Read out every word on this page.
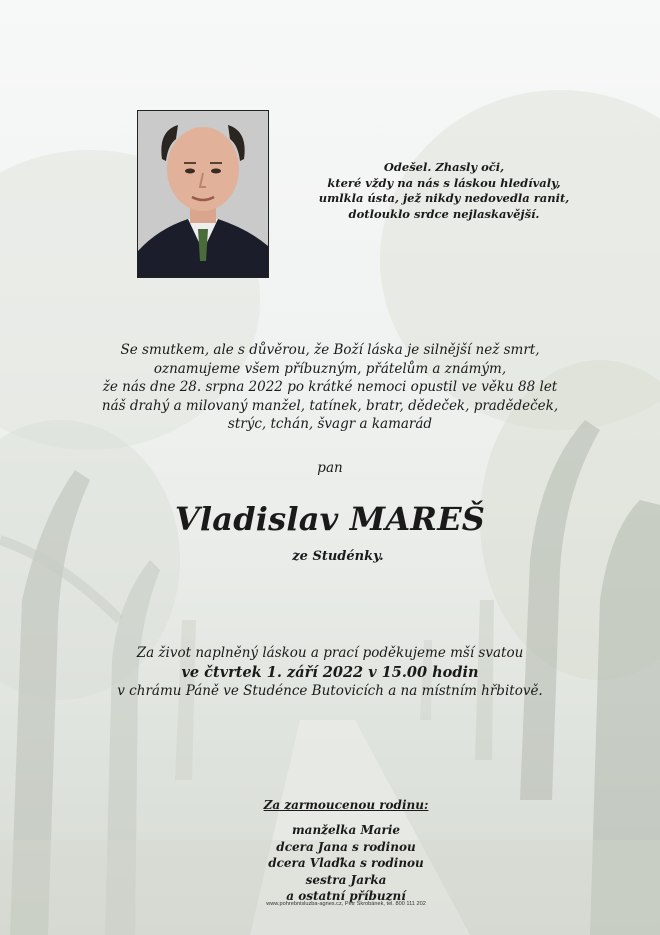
Odešel. Zhasly oči,
které vždy na nás s láskou hledívaly,
umlkla ústa, jež nikdy nedovedla ranit,
dotlouklo srdce nejlaskavější.
Se smutkem, ale s důvěrou, že Boží láska je silnější než smrt,
oznamujeme všem příbuzným, přátelům a známým,
že nás dne 28. srpna 2022 po krátké nemoci opustil ve věku 88 let
náš drahý a milovaný manžel, tatínek, bratr, dědeček, pradědeček,
strýc, tchán, švagr a kamarád
pan
Vladislav MAREŠ
ze Studénky.
Za život naplněný láskou a prací poděkujeme mší svatou
ve čtvrtek 1. září 2022 v 15.00 hodin
v chrámu Páně ve Studénce Butovicích a na místním hřbitově.
Za zarmoucenou rodinu:
manželka Marie
dcera Jana s rodinou
dcera Vlaďka s rodinou
sestra Jarka
a ostatní příbuzní
www.pohrebnisluzba-agnes.cz, Petr Škrobánek, tel. 800 111 202
